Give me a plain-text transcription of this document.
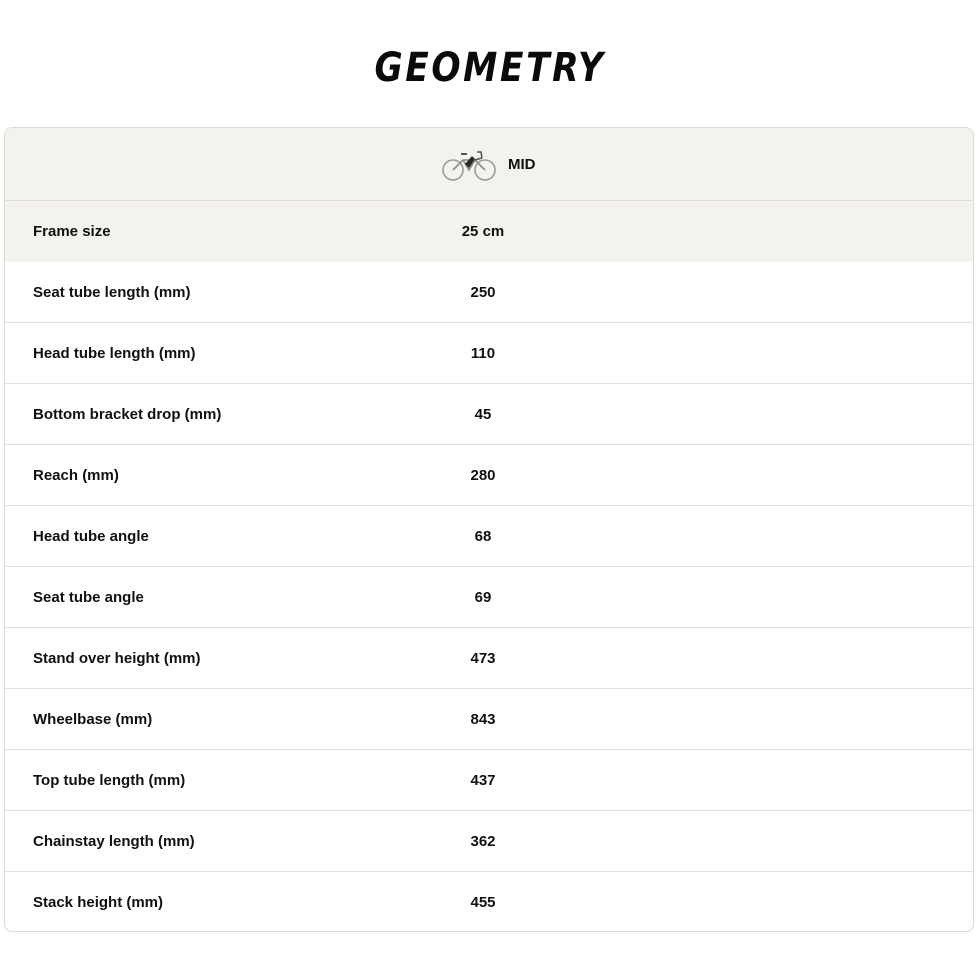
GEOMETRY
MID
Frame size	25 cm
Seat tube length (mm)	250
Head tube length (mm)	110
Bottom bracket drop (mm)	45
Reach (mm)	280
Head tube angle	68
Seat tube angle	69
Stand over height (mm)	473
Wheelbase (mm)	843
Top tube length (mm)	437
Chainstay length (mm)	362
Stack height (mm)	455
